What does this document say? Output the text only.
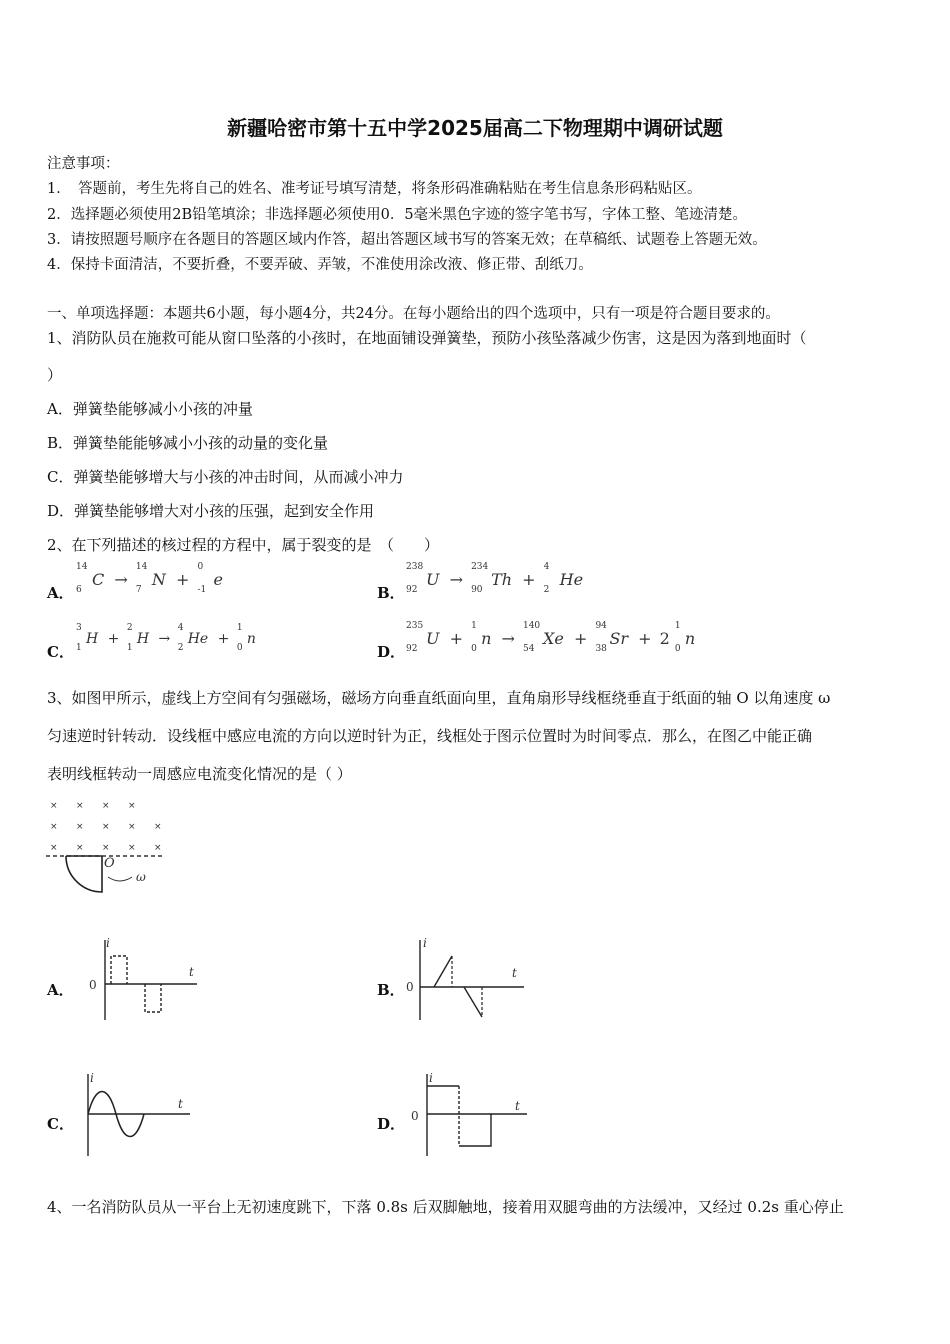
新疆哈密市第十五中学2025届高二下物理期中调研试题
注意事项：
1．　答题前，考生先将自己的姓名、准考证号填写清楚，将条形码准确粘贴在考生信息条形码粘贴区。
2．选择题必须使用2B铅笔填涂；非选择题必须使用0．5毫米黑色字迹的签字笔书写，字体工整、笔迹清楚。
3．请按照题号顺序在各题目的答题区域内作答，超出答题区域书写的答案无效；在草稿纸、试题卷上答题无效。
4．保持卡面清洁，不要折叠，不要弄破、弄皱，不准使用涂改液、修正带、刮纸刀。
一、单项选择题：本题共6小题，每小题4分，共24分。在每小题给出的四个选项中，只有一项是符合题目要求的。
1、消防队员在施救可能从窗口坠落的小孩时，在地面铺设弹簧垫，预防小孩坠落减少伤害，这是因为落到地面时（
）
A．弹簧垫能够减小小孩的冲量
B．弹簧垫能能够减小小孩的动量的变化量
C．弹簧垫能够增大与小孩的冲击时间，从而减小冲力
D．弹簧垫能够增大对小孩的压强，起到安全作用
2、在下列描述的核过程的方程中，属于裂变的是　（　　）
A．
14
6
C →
14
7
N +
0
-1
e
B．
238
92
U →
234
90
Th +
4
2
He
C．
3
1
H +
2
1
H →
4
2
He +
1
0
n
D．
235
92
U +
1
0
n →
140
54
Xe +
94
38
Sr + 2
1
0
n
3、如图甲所示，虚线上方空间有匀强磁场，磁场方向垂直纸面向里，直角扇形导线框绕垂直于纸面的轴 O 以角速度 ω
匀速逆时针转动．设线框中感应电流的方向以逆时针为正，线框处于图示位置时为时间零点．那么，在图乙中能正确
表明线框转动一周感应电流变化情况的是（ ）
× × × ×
× × × × ×
× × × × ×
O
ω
A．
i
t
0	B．
i
t
0
C．
i
t
D．
i
t
0
4、一名消防队员从一平台上无初速度跳下，下落 0.8s 后双脚触地，接着用双腿弯曲的方法缓冲，又经过 0.2s 重心停止
